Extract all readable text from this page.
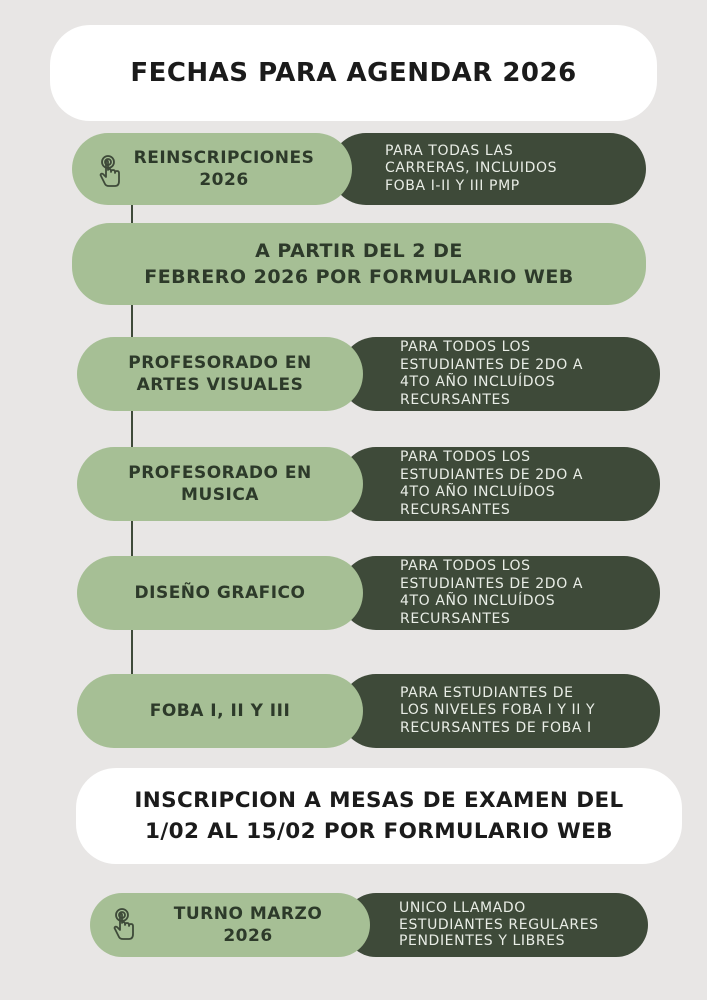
FECHAS PARA AGENDAR 2026
PARA TODAS LAS
CARRERAS, INCLUIDOS
FOBA I-II Y III PMP
REINSCRIPCIONES
2026
A PARTIR DEL 2 DE
FEBRERO 2026 POR FORMULARIO WEB
PARA TODOS LOS
ESTUDIANTES DE 2DO A
4TO AÑO INCLUÍDOS
RECURSANTES
PROFESORADO EN
ARTES VISUALES
PARA TODOS LOS
ESTUDIANTES DE 2DO A
4TO AÑO INCLUÍDOS
RECURSANTES
PROFESORADO EN
MUSICA
PARA TODOS LOS
ESTUDIANTES DE 2DO A
4TO AÑO INCLUÍDOS
RECURSANTES
DISEÑO GRAFICO
PARA ESTUDIANTES DE
LOS NIVELES FOBA I Y II Y
RECURSANTES DE FOBA I
FOBA I, II Y III
INSCRIPCION A MESAS DE EXAMEN DEL
1/02 AL 15/02 POR FORMULARIO WEB
UNICO LLAMADO
ESTUDIANTES REGULARES
PENDIENTES Y LIBRES
TURNO MARZO
2026
